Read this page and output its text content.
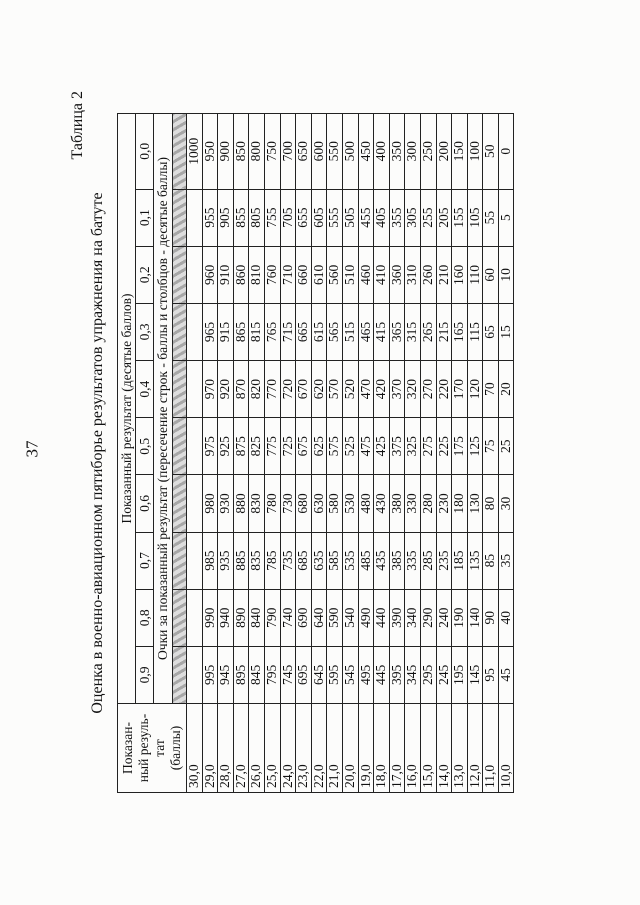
37
Таблица 2
Оценка в военно-авиационном пятиборье результатов упражнения на батуте
Показан- ный резуль- тат (баллы)	Показанный результат (десятые баллов)									
	0,9	0,8	0,7	0,6	0,5	0,4	0,3	0,2	0,1	0,0
	Очки за показанный результат (пересечение строк - баллы и столбцов - десятые баллы)									

30,0										1000
29,0	995	990	985	980	975	970	965	960	955	950
28,0	945	940	935	930	925	920	915	910	905	900
27,0	895	890	885	880	875	870	865	860	855	850
26,0	845	840	835	830	825	820	815	810	805	800
25,0	795	790	785	780	775	770	765	760	755	750
24,0	745	740	735	730	725	720	715	710	705	700
23,0	695	690	685	680	675	670	665	660	655	650
22,0	645	640	635	630	625	620	615	610	605	600
21,0	595	590	585	580	575	570	565	560	555	550
20,0	545	540	535	530	525	520	515	510	505	500
19,0	495	490	485	480	475	470	465	460	455	450
18,0	445	440	435	430	425	420	415	410	405	400
17,0	395	390	385	380	375	370	365	360	355	350
16,0	345	340	335	330	325	320	315	310	305	300
15,0	295	290	285	280	275	270	265	260	255	250
14,0	245	240	235	230	225	220	215	210	205	200
13,0	195	190	185	180	175	170	165	160	155	150
12,0	145	140	135	130	125	120	115	110	105	100
11,0	95	90	85	80	75	70	65	60	55	50
10,0	45	40	35	30	25	20	15	10	5	0
